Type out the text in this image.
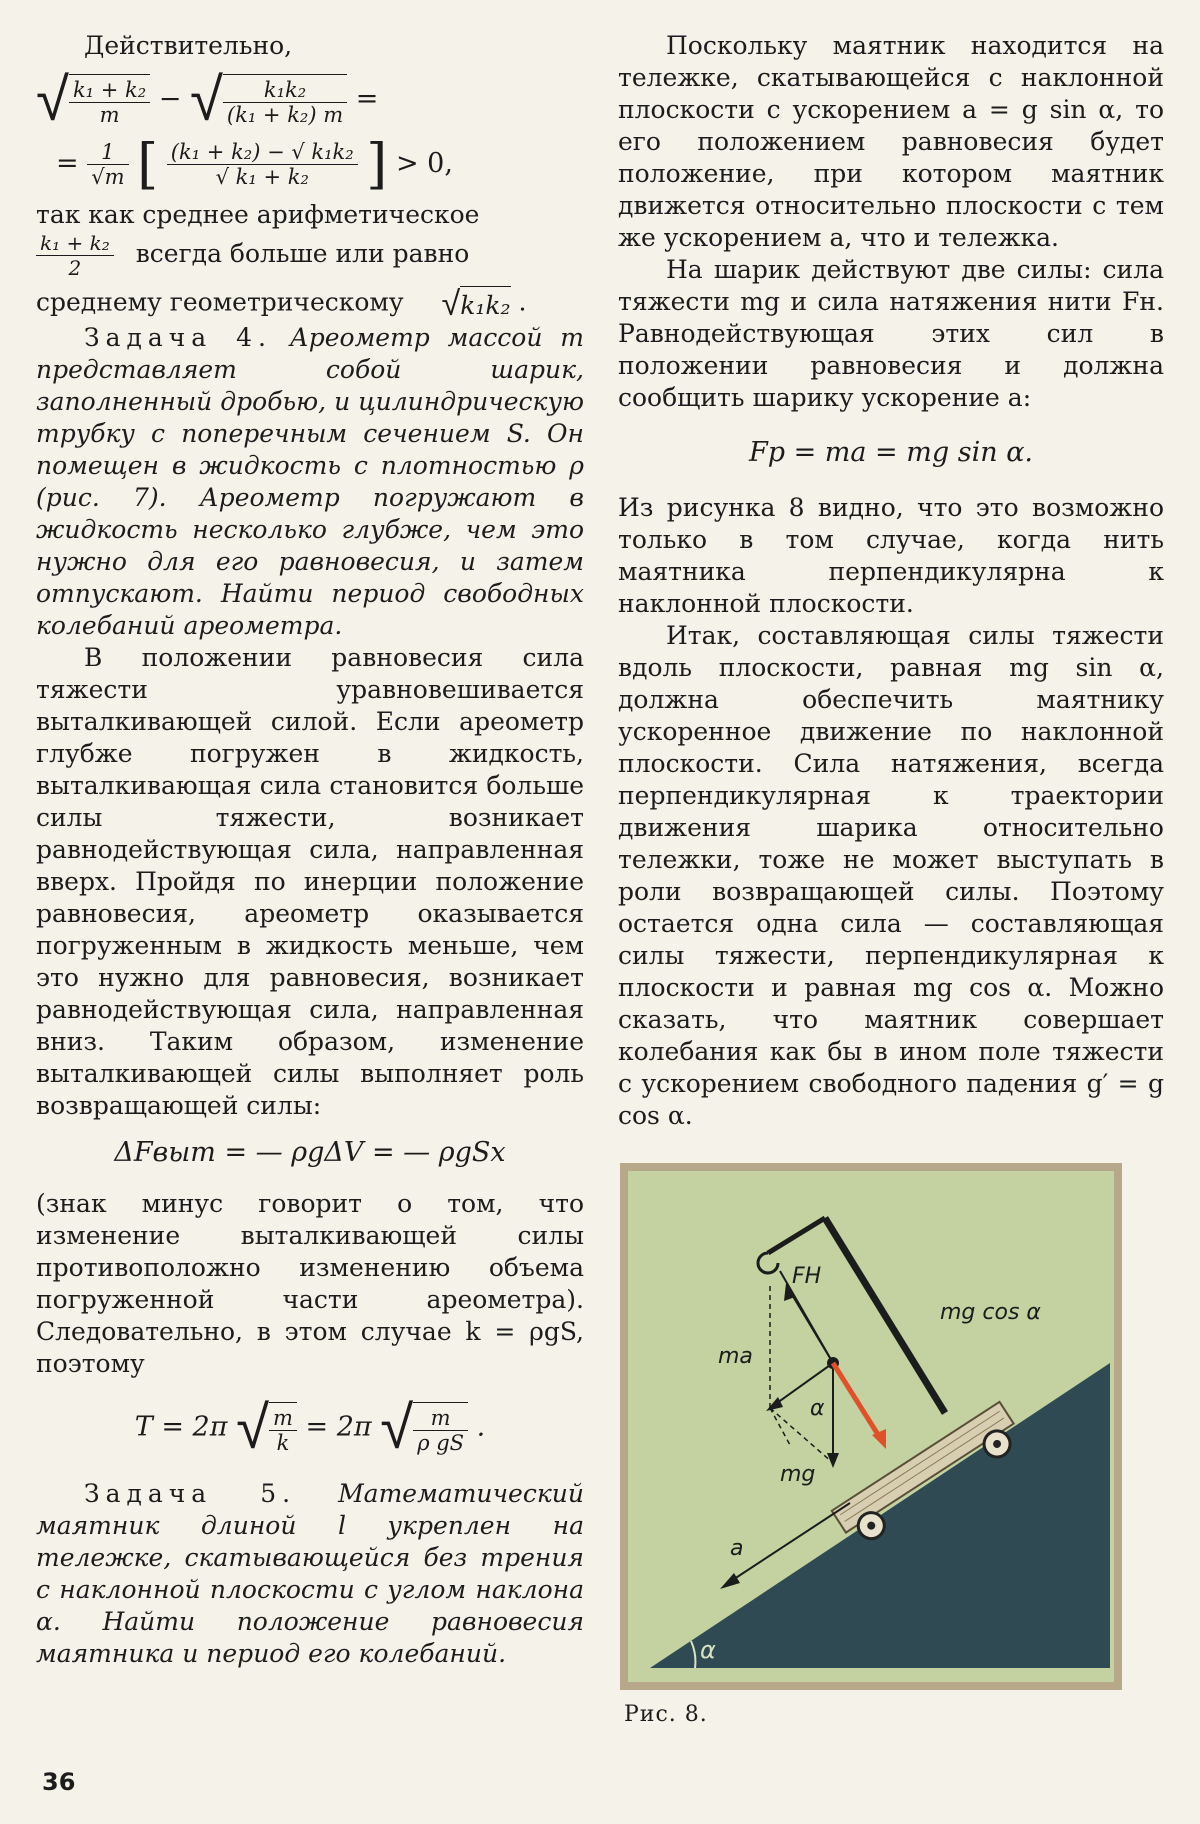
Действительно,

√ $\frac{\text{k₁ + k₂}}{m}$ − √ $\frac{\text{k₁k₂}}{\text{(k₁ + k₂) m}}$ =
= $\frac{1}{√m}$ [ $\frac{\text{(k₁ + k₂) − √ k₁k₂}}{\text{√ k₁ + k₂}}$ ] > 0,

так как среднее арифметическое

$\frac{\text{k₁ + k₂}}{2}$ всегда больше или равно

среднему геометрическому √k₁k₂ .

Задача 4. Ареометр массой m представляет собой шарик, заполненный дробью, и цилиндрическую трубку с поперечным сечением S. Он помещен в жидкость с плотностью ρ (рис. 7). Ареометр погружают в жидкость несколько глубже, чем это нужно для его равновесия, и затем отпускают. Найти период свободных колебаний ареометра.

В положении равновесия сила тяжести уравновешивается выталкивающей силой. Если ареометр глубже погружен в жидкость, выталкивающая сила становится больше силы тяжести, возникает равнодействующая сила, направленная вверх. Пройдя по инерции положение равновесия, ареометр оказывается погруженным в жидкость меньше, чем это нужно для равновесия, возникает равнодействующая сила, направленная вниз. Таким образом, изменение выталкивающей силы выполняет роль возвращающей силы:

ΔFвыт = — ρgΔV = — ρgSx

(знак минус говорит о том, что изменение выталкивающей силы противоположно изменению объема погруженной части ареометра). Следовательно, в этом случае k = ρgS, поэтому

T = 2π √ $\frac{m}{k} = 2\pi$ √ $\frac{m}{\text{ρ gS}}$ .

Задача 5. Математический маятник длиной l укреплен на тележке, скатывающейся без трения с наклонной плоскости с углом наклона α. Найти положение равновесия маятника и период его колебаний.

Поскольку маятник находится на тележке, скатывающейся с наклонной плоскости с ускорением a = g sin α, то его положением равновесия будет положение, при котором маятник движется относительно плоскости с тем же ускорением a, что и тележка.

На шарик действуют две силы: сила тяжести mg и сила натяжения нити Fн. Равнодействующая этих сил в положении равновесия и должна сообщить шарику ускорение a:

Fр = ma = mg sin α.

Из рисунка 8 видно, что это возможно только в том случае, когда нить маятника перпендикулярна к наклонной плоскости.

Итак, составляющая силы тяжести вдоль плоскости, равная mg sin α, должна обеспечить маятнику ускоренное движение по наклонной плоскости. Сила натяжения, всегда перпендикулярная к траектории движения шарика относительно тележки, тоже не может выступать в роли возвращающей силы. Поэтому остается одна сила — составляющая силы тяжести, перпендикулярная к плоскости и равная mg cos α. Можно сказать, что маятник совершает колебания как бы в ином поле тяжести с ускорением свободного падения g′ = g cos α.

FН
mg cos α
ma
α
mg
a
α
Рис. 8.
36
